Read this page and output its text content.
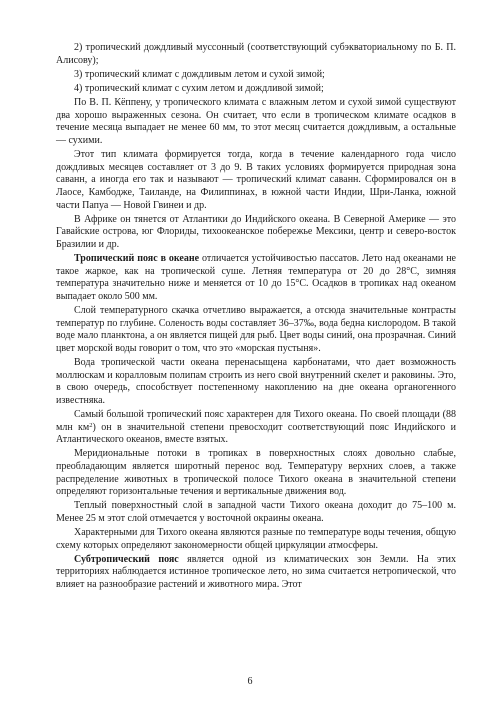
2) тропический дождливый муссонный (соответствующий субэкваториальному по Б. П. Алисову);

3) тропический климат с дождливым летом и сухой зимой;

4) тропический климат с сухим летом и дождливой зимой;

По В. П. Кёппену, у тропического климата с влажным летом и сухой зимой существуют два хорошо выраженных сезона. Он считает, что если в тропическом климате осадков в течение месяца выпадает не менее 60 мм, то этот месяц считается дождливым, а остальные — сухими.

Этот тип климата формируется тогда, когда в течение календарного года число дождливых месяцев составляет от 3 до 9. В таких условиях формируется природная зона саванн, а иногда его так и называют — тропический климат саванн. Сформировался он в Лаосе, Камбодже, Таиланде, на Филиппинах, в южной части Индии, Шри-Ланка, южной части Папуа — Новой Гвинеи и др.

В Африке он тянется от Атлантики до Индийского океана. В Северной Америке — это Гавайские острова, юг Флориды, тихоокеанское побережье Мексики, центр и северо-восток Бразилии и др.

Тропический пояс в океане отличается устойчивостью пассатов. Лето над океанами не такое жаркое, как на тропической суше. Летняя температура от 20 до 28°С, зимняя температура значительно ниже и меняется от 10 до 15°С. Осадков в тропиках над океаном выпадает около 500 мм.

Слой температурного скачка отчетливо выражается, а отсюда значительные контрасты температур по глубине. Соленость воды составляет 36–37‰, вода бедна кислородом. В такой воде мало планктона, а он является пищей для рыб. Цвет воды синий, она прозрачная. Синий цвет морской воды говорит о том, что это «морская пустыня».

Вода тропической части океана перенасыщена карбонатами, что дает возможность моллюскам и коралловым полипам строить из него свой внутренний скелет и раковины. Это, в свою очередь, способствует постепенному накоплению на дне океана органогенного известняка.

Самый большой тропический пояс характерен для Тихого океана. По своей площади (88 млн $км^2$) он в значительной степени превосходит соответствующий пояс Индийского и Атлантического океанов, вместе взятых.

Меридиональные потоки в тропиках в поверхностных слоях довольно слабые, преобладающим является широтный перенос вод. Температуру верхних слоев, а также распределение животных в тропической полосе Тихого океана в значительной степени определяют горизонтальные течения и вертикальные движения вод.

Теплый поверхностный слой в западной части Тихого океана доходит до 75–100 м. Менее 25 м этот слой отмечается у восточной окраины океана.

Характерными для Тихого океана являются разные по температуре воды течения, общую схему которых определяют закономерности общей циркуляции атмосферы.

Субтропический пояс является одной из климатических зон Земли. На этих территориях наблюдается истинное тропическое лето, но зима считается нетропической, что влияет на разнообразие растений и животного мира. Этот

6
